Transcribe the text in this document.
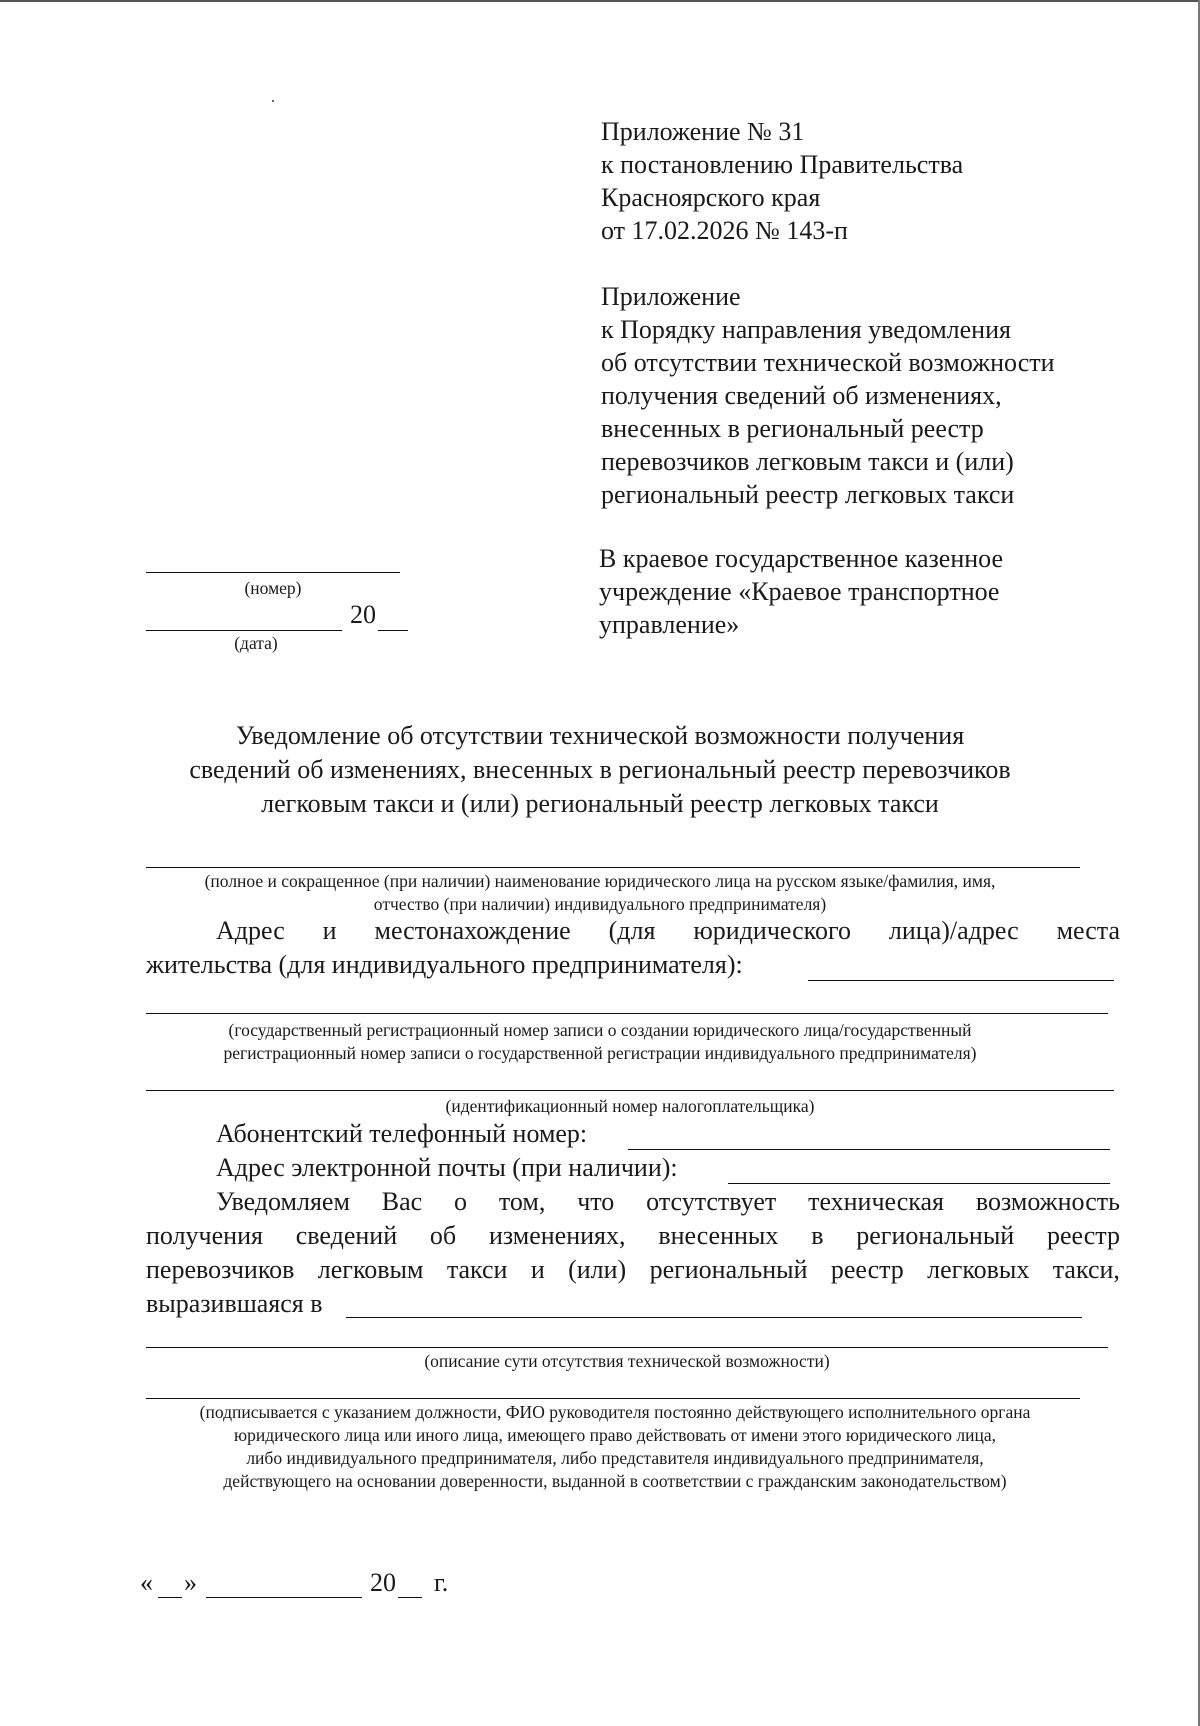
Приложение № 31
к постановлению Правительства
Красноярского края
от 17.02.2026 № 143-п
Приложение
к Порядку направления уведомления
об отсутствии технической возможности
получения сведений об изменениях,
внесенных в региональный реестр
перевозчиков легковым такси и (или)
региональный реестр легковых такси
В краевое государственное казенное
учреждение «Краевое транспортное
управление»
(номер)
20
(дата)
Уведомление об отсутствии технической возможности получения
сведений об изменениях, внесенных в региональный реестр перевозчиков
легковым такси и (или) региональный реестр легковых такси
(полное и сокращенное (при наличии) наименование юридического лица на русском языке/фамилия, имя,
отчество (при наличии) индивидуального предпринимателя)
Адрес и местонахождение (для юридического лица)/адрес места
жительства (для индивидуального предпринимателя):
(государственный регистрационный номер записи о создании юридического лица/государственный
регистрационный номер записи о государственной регистрации индивидуального предпринимателя)
(идентификационный номер налогоплательщика)
Абонентский телефонный номер:
Адрес электронной почты (при наличии):
Уведомляем Вас о том, что отсутствует техническая возможность
получения сведений об изменениях, внесенных в региональный реестр
перевозчиков легковым такси и (или) региональный реестр легковых такси,
выразившаяся в
(описание сути отсутствия технической возможности)
(подписывается с указанием должности, ФИО руководителя постоянно действующего исполнительного органа
юридического лица или иного лица, имеющего право действовать от имени этого юридического лица,
либо индивидуального предпринимателя, либо представителя индивидуального предпринимателя,
действующего на основании доверенности, выданной в соответствии с гражданским законодательством)
« »	20 г.
